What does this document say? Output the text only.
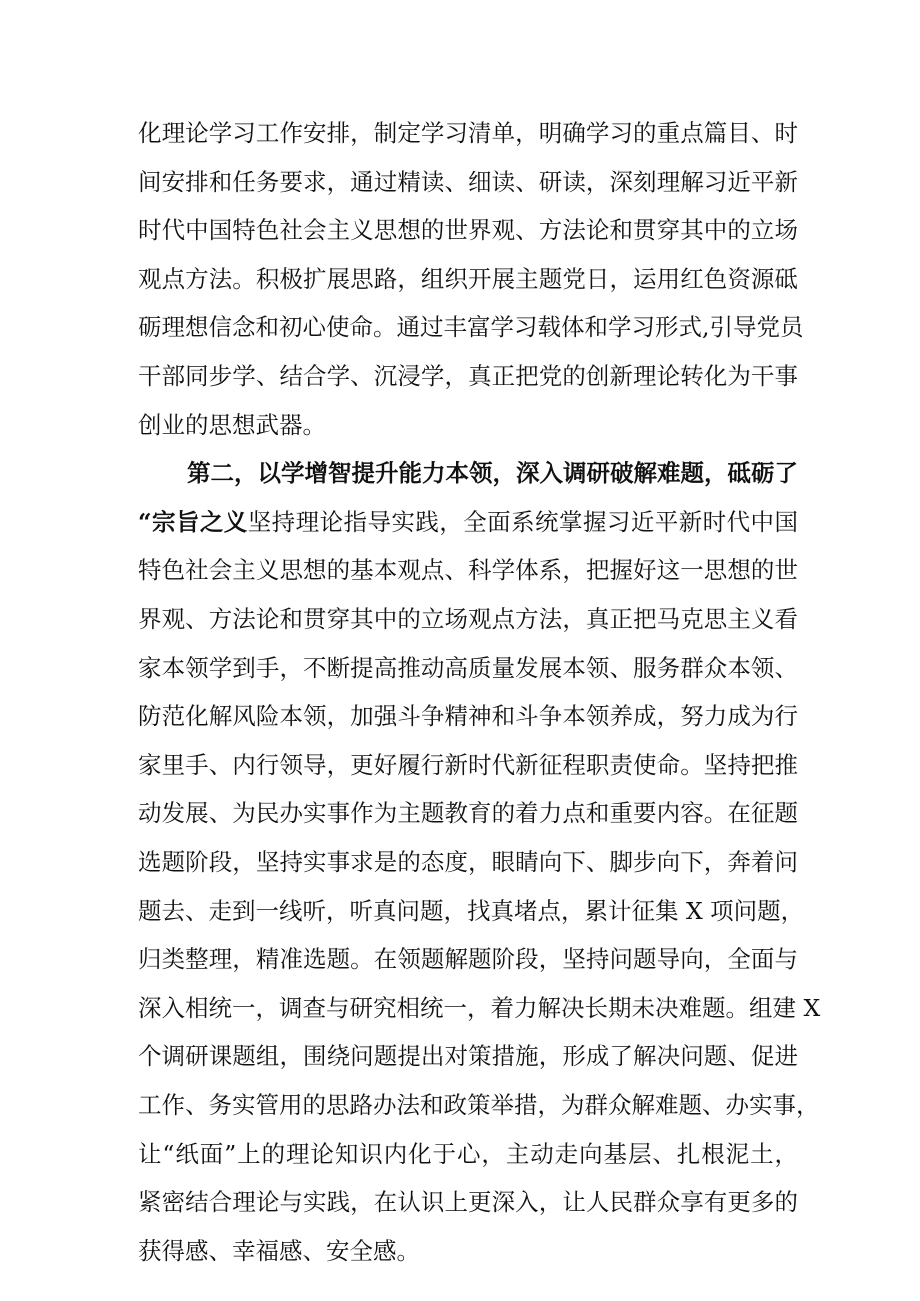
化理论学习工作安排，制定学习清单，明确学习的重点篇目、时
间安排和任务要求，通过精读、细读、研读，深刻理解习近平新
时代中国特色社会主义思想的世界观、方法论和贯穿其中的立场
观点方法。积极扩展思路，组织开展主题党日，运用红色资源砥
砺理想信念和初心使命。通过丰富学习载体和学习形式,引导党员
干部同步学、结合学、沉浸学，真正把党的创新理论转化为干事
创业的思想武器。
第二，以学增智提升能力本领，深入调研破解难题，砥砺了
“宗旨之义坚持理论指导实践，全面系统掌握习近平新时代中国
特色社会主义思想的基本观点、科学体系，把握好这一思想的世
界观、方法论和贯穿其中的立场观点方法，真正把马克思主义看
家本领学到手，不断提高推动高质量发展本领、服务群众本领、
防范化解风险本领，加强斗争精神和斗争本领养成，努力成为行
家里手、内行领导，更好履行新时代新征程职责使命。坚持把推
动发展、为民办实事作为主题教育的着力点和重要内容。在征题
选题阶段，坚持实事求是的态度，眼睛向下、脚步向下，奔着问
题去、走到一线听，听真问题，找真堵点，累计征集 X 项问题，
归类整理，精准选题。在领题解题阶段，坚持问题导向，全面与
深入相统一，调查与研究相统一，着力解决长期未决难题。组建 X
个调研课题组，围绕问题提出对策措施，形成了解决问题、促进
工作、务实管用的思路办法和政策举措，为群众解难题、办实事，
让“纸面”上的理论知识内化于心，主动走向基层、扎根泥土，
紧密结合理论与实践，在认识上更深入，让人民群众享有更多的
获得感、幸福感、安全感。
